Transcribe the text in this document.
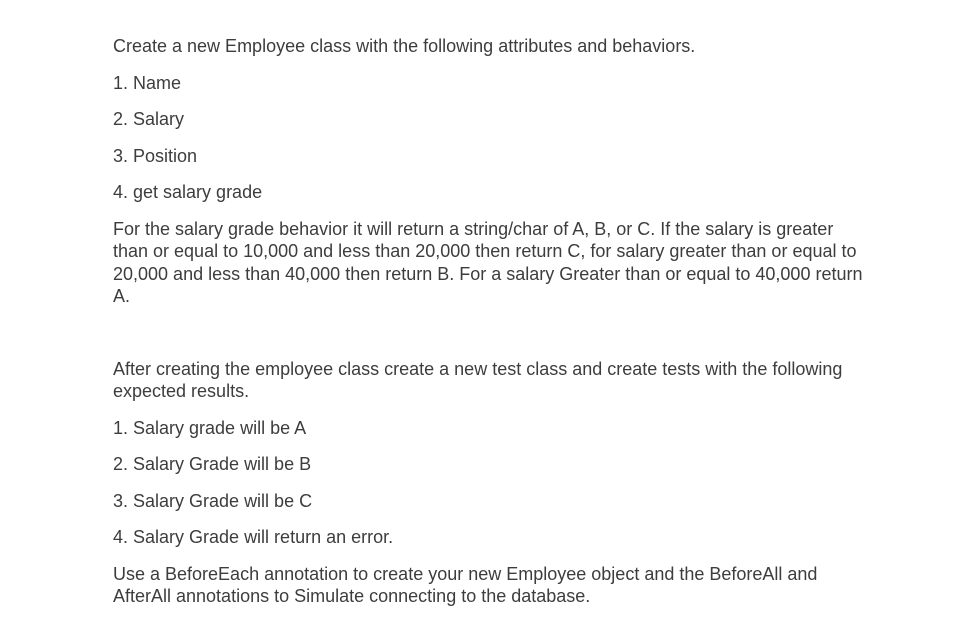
Create a new Employee class with the following attributes and behaviors.

1. Name

2. Salary

3. Position

4. get salary grade

For the salary grade behavior it will return a string/char of A, B, or C. If the salary is greater than or equal to 10,000 and less than 20,000 then return C, for salary greater than or equal to 20,000 and less than 40,000 then return B. For a salary Greater than or equal to 40,000 return A.

After creating the employee class create a new test class and create tests with the following expected results.

1. Salary grade will be A

2. Salary Grade will be B

3. Salary Grade will be C

4. Salary Grade will return an error.

Use a BeforeEach annotation to create your new Employee object and the BeforeAll and AfterAll annotations to Simulate connecting to the database.
